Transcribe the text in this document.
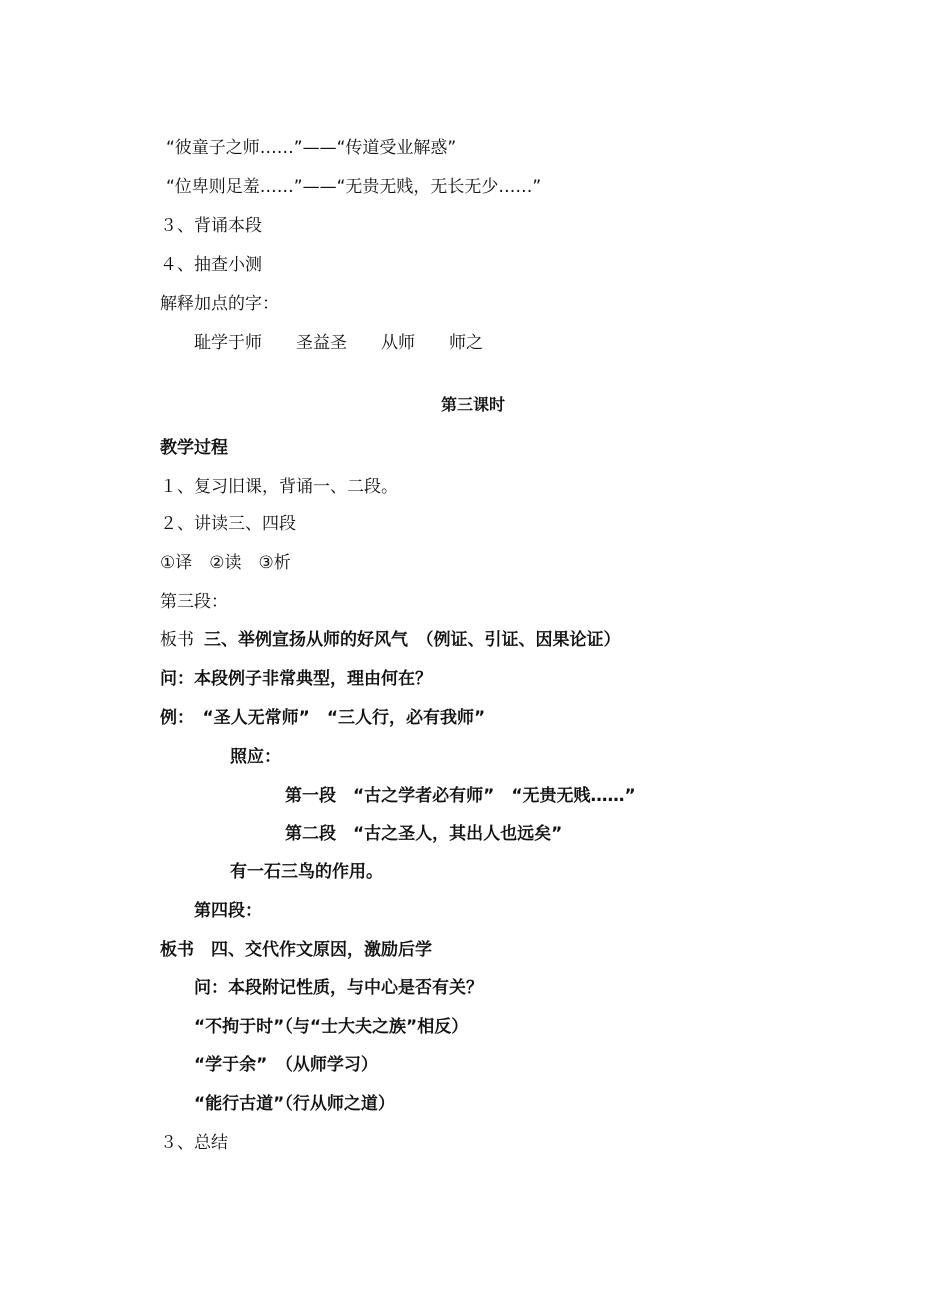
“彼童子之师……”——“传道受业解惑”
“位卑则足羞……”——“无贵无贱，无长无少……”
３、背诵本段
４、抽查小测
解释加点的字：
耻学于师　　圣益圣　　从师　　师之
第三课时
教学过程
１、复习旧课，背诵一、二段。
２、讲读三、四段
①译　②读　③析
第三段：
板书 三、举例宣扬从师的好风气　（例证、引证、因果论证）
问：本段例子非常典型，理由何在？
例：　“圣人无常师”　“三人行，必有我师”
照应：
第一段　“古之学者必有师”　“无贵无贱……”
第二段　“古之圣人，其出人也远矣”
有一石三鸟的作用。
第四段：
板书　四、交代作文原因，激励后学
问：本段附记性质，与中心是否有关？
“不拘于时”（与“士大夫之族”相反）
“学于余”　（从师学习）
“能行古道”（行从师之道）
３、总结
